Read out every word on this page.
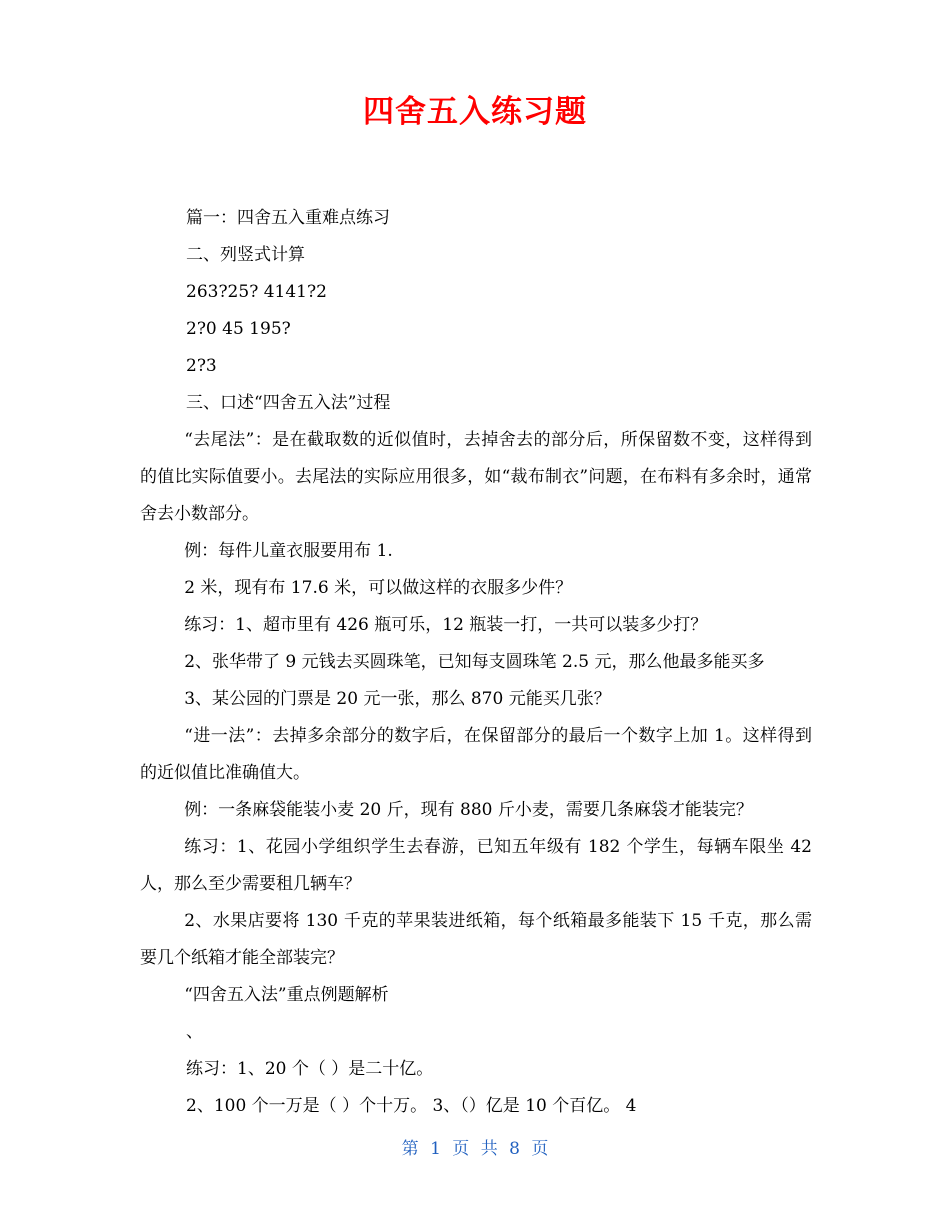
四舍五入练习题

篇一：四舍五入重难点练习

二、列竖式计算

263?25? 4141?2

2?0 45 195?

2?3

三、口述“四舍五入法”过程

“去尾法”：是在截取数的近似值时，去掉舍去的部分后，所保留数不变，这样得到的值比实际值要小。去尾法的实际应用很多，如“裁布制衣”问题，在布料有多余时，通常舍去小数部分。

例：每件儿童衣服要用布 1.

2 米，现有布 17.6 米，可以做这样的衣服多少件？

练习：1、超市里有 426 瓶可乐，12 瓶装一打，一共可以装多少打？

2、张华带了 9 元钱去买圆珠笔，已知每支圆珠笔 2.5 元，那么他最多能买多

3、某公园的门票是 20 元一张，那么 870 元能买几张？

“进一法”：去掉多余部分的数字后，在保留部分的最后一个数字上加 1。这样得到的近似值比准确值大。

例：一条麻袋能装小麦 20 斤，现有 880 斤小麦，需要几条麻袋才能装完？

练习：1、花园小学组织学生去春游，已知五年级有 182 个学生，每辆车限坐 42 人，那么至少需要租几辆车？

2、水果店要将 130 千克的苹果装进纸箱，每个纸箱最多能装下 15 千克，那么需要几个纸箱才能全部装完？

“四舍五入法”重点例题解析

、

练习：1、20 个（ ）是二十亿。

2、100 个一万是（ ）个十万。 3、（）亿是 10 个百亿。 4

第 1 页 共 8 页
